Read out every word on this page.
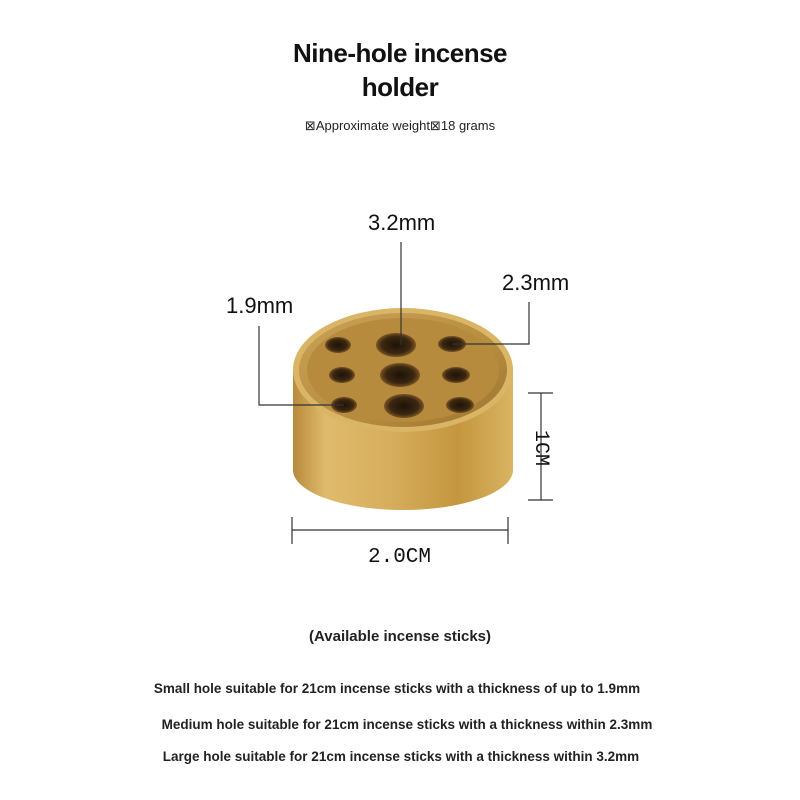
Nine-hole incense
holder
⊠Approximate weight⊠18 grams
3.2mm
2.3mm
1.9mm
1CM
2.0CM
(Available incense sticks)
Small hole suitable for 21cm incense sticks with a thickness of up to 1.9mm
Medium hole suitable for 21cm incense sticks with a thickness within 2.3mm
Large hole suitable for 21cm incense sticks with a thickness within 3.2mm
